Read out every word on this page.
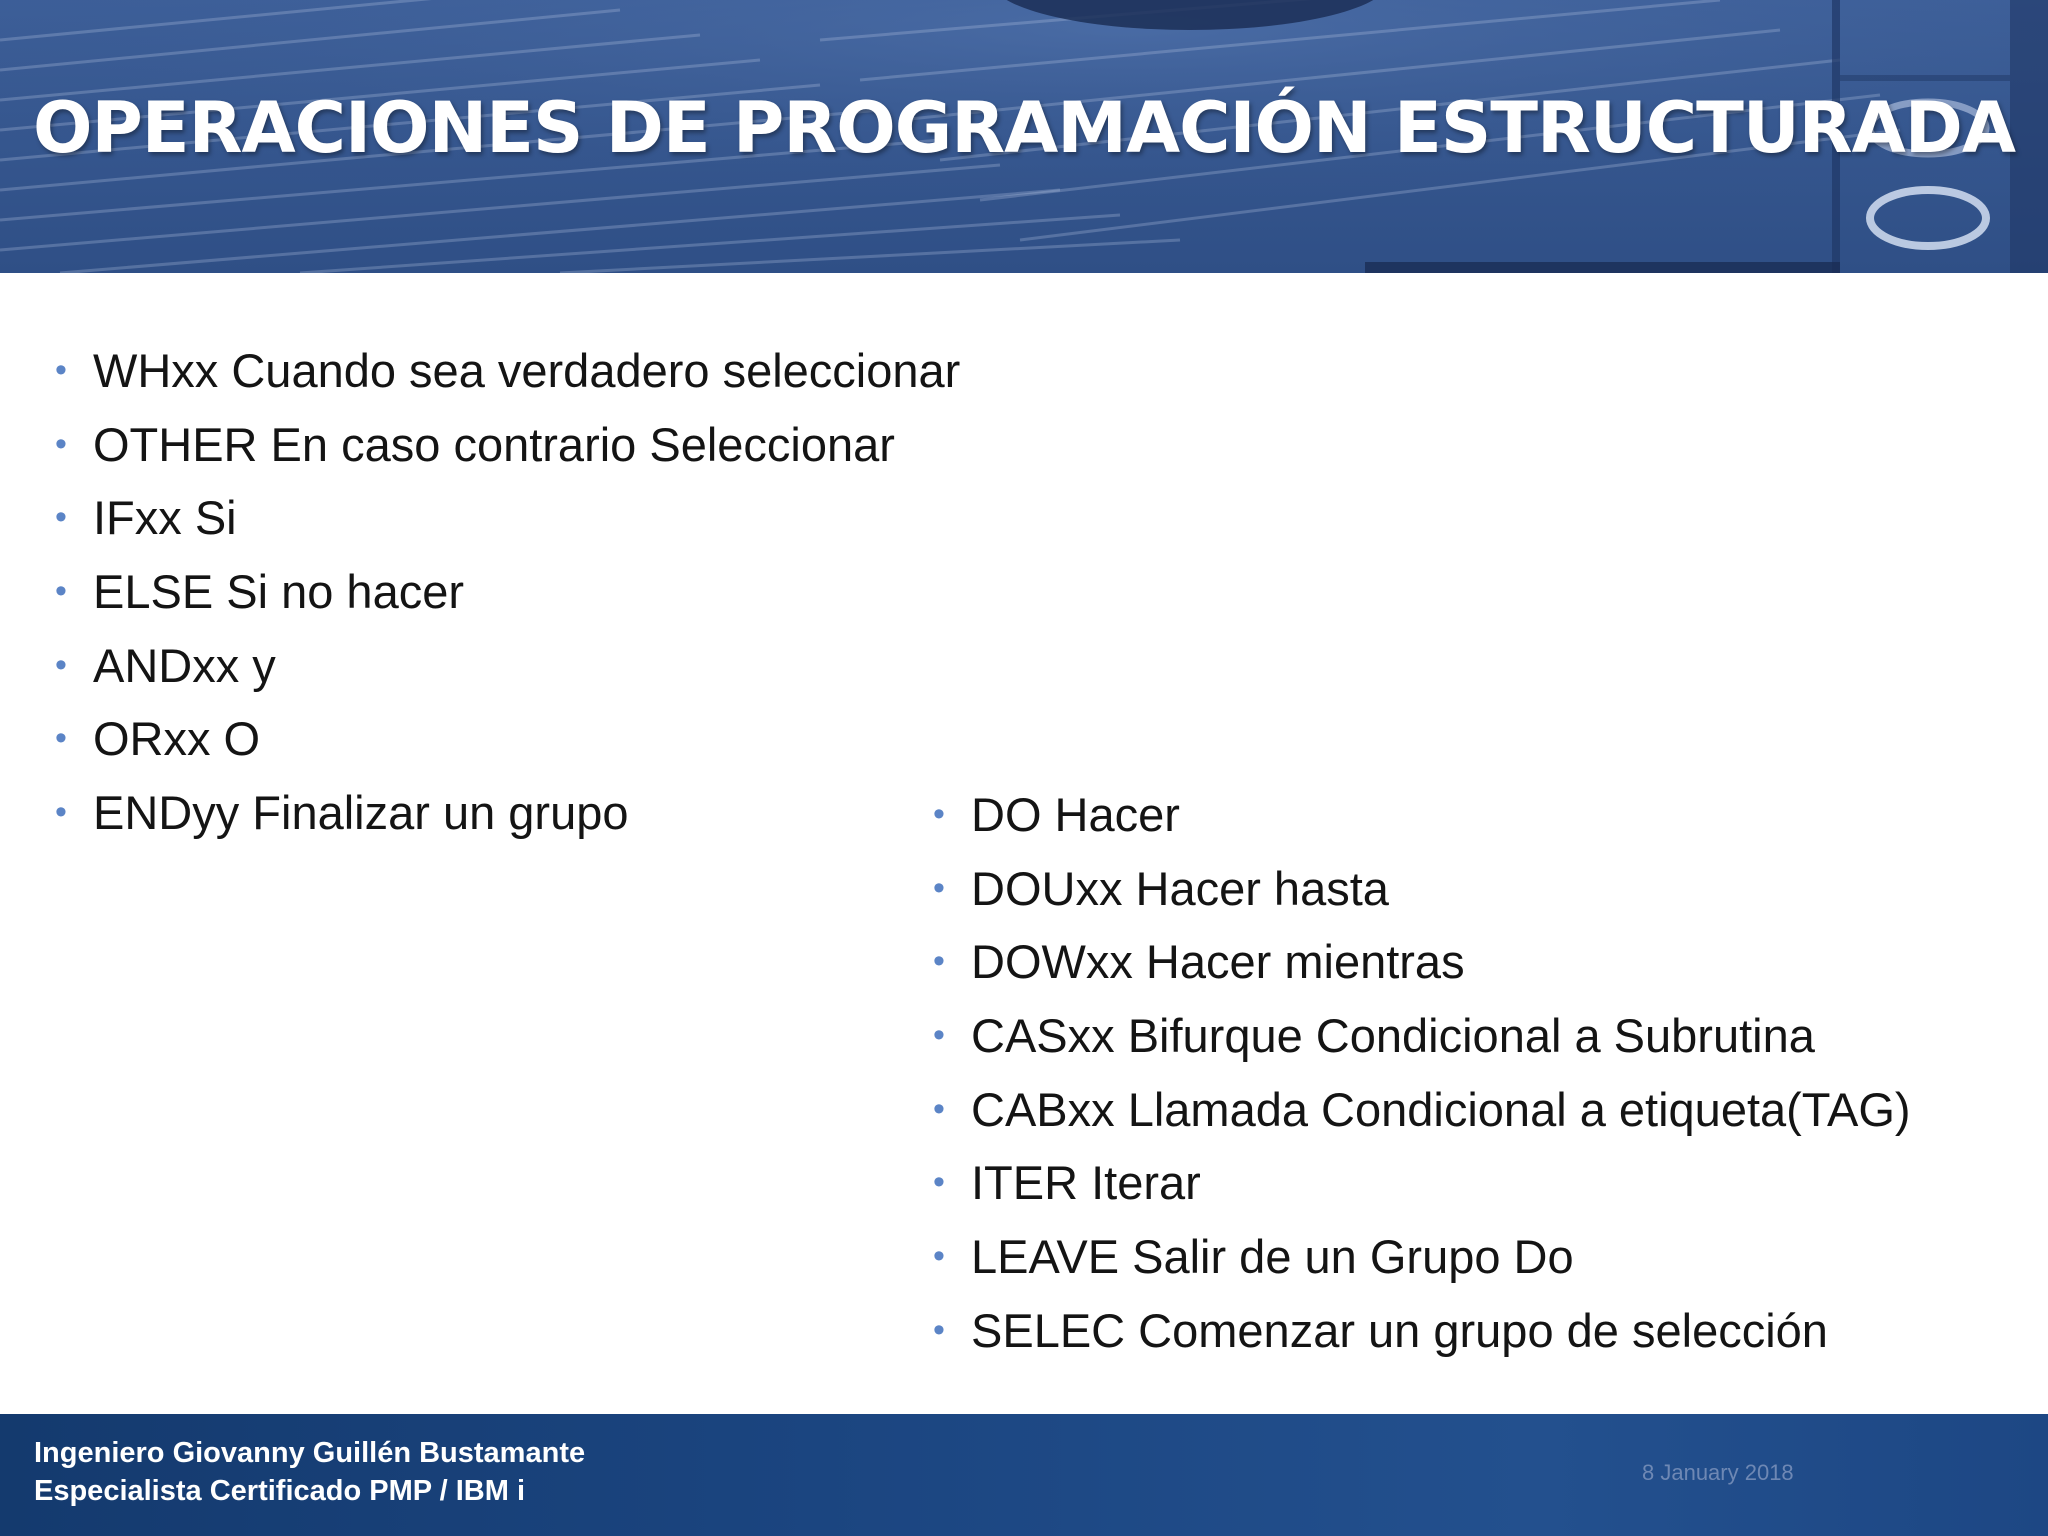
OPERACIONES DE PROGRAMACIÓN ESTRUCTURADA
• WHxx Cuando sea verdadero seleccionar
• OTHER En caso contrario Seleccionar
• IFxx Si
• ELSE Si no hacer
• ANDxx y
• ORxx O
• ENDyy Finalizar un grupo	• DO Hacer
• DOUxx Hacer hasta
• DOWxx Hacer mientras
• CASxx Bifurque Condicional a Subrutina
• CABxx Llamada Condicional a etiqueta(TAG)
• ITER Iterar
• LEAVE Salir de un Grupo Do
• SELEC Comenzar un grupo de selección
Ingeniero Giovanny Guillén Bustamante
Especialista Certificado PMP / IBM i
8 January 2018
